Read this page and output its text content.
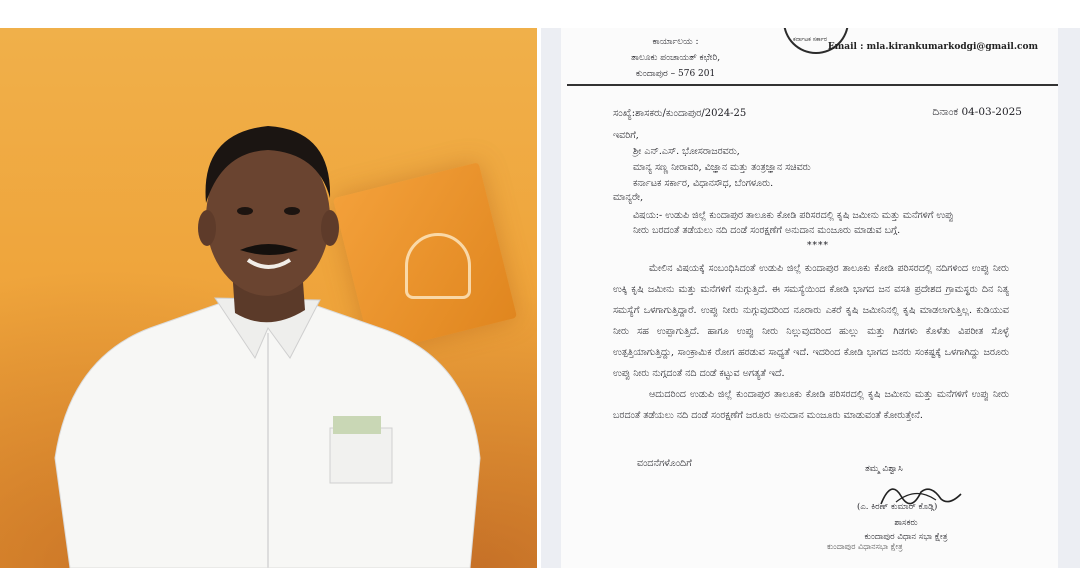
ಕಾರ್ಯಾಲಯ :
ತಾಲೂಕು ಪಂಚಾಯತ್ ಕಛೇರಿ,
ಕುಂದಾಪುರ – 576 201
ಕರ್ನಾಟಕ ಸರ್ಕಾರ
Email : mla.kirankumarkodgi@gmail.com
ಸಂಖ್ಯೆ:ಶಾಸಕರು/ಕುಂದಾಪುರ/2024-25	ದಿನಾಂಕ 04-03-2025
ಇವರಿಗೆ,
ಶ್ರೀ ಎನ್.ಎಸ್. ಭೋಸರಾಜರವರು,
ಮಾನ್ಯ ಸಣ್ಣ ನೀರಾವರಿ, ವಿಜ್ಞಾನ ಮತ್ತು ತಂತ್ರಜ್ಞಾನ ಸಚಿವರು
ಕರ್ನಾಟಕ ಸರ್ಕಾರ, ವಿಧಾನಸೌಧ, ಬೆಂಗಳೂರು.
ಮಾನ್ಯರೇ,
ವಿಷಯ:- ಉಡುಪಿ ಜಿಲ್ಲೆ ಕುಂದಾಪುರ ತಾಲೂಕು ಕೋಡಿ ಪರಿಸರದಲ್ಲಿ ಕೃಷಿ ಜಮೀನು ಮತ್ತು ಮನೆಗಳಿಗೆ ಉಪ್ಪು ನೀರು ಬರದಂತೆ ತಡೆಯಲು ನದಿ ದಂಡೆ ಸಂರಕ್ಷಣೆಗೆ ಅನುದಾನ ಮಂಜೂರು ಮಾಡುವ ಬಗ್ಗೆ.
****

ಮೇಲಿನ ವಿಷಯಕ್ಕೆ ಸಂಬಂಧಿಸಿದಂತೆ ಉಡುಪಿ ಜಿಲ್ಲೆ ಕುಂದಾಪುರ ತಾಲೂಕು ಕೋಡಿ ಪರಿಸರದಲ್ಲಿ ನದಿಗಳಿಂದ ಉಪ್ಪು ನೀರು ಉಕ್ಕಿ ಕೃಷಿ ಜಮೀನು ಮತ್ತು ಮನೆಗಳಿಗೆ ನುಗ್ಗುತ್ತಿದೆ. ಈ ಸಮಸ್ಯೆಯಿಂದ ಕೋಡಿ ಭಾಗದ ಜನ ವಸತಿ ಪ್ರದೇಶದ ಗ್ರಾಮಸ್ಥರು ದಿನ ನಿತ್ಯ ಸಮಸ್ಯೆಗೆ ಒಳಗಾಗುತ್ತಿದ್ದಾರೆ. ಉಪ್ಪು ನೀರು ನುಗ್ಗುವುದರಿಂದ ನೂರಾರು ಎಕರೆ ಕೃಷಿ ಜಮೀನಿನಲ್ಲಿ ಕೃಷಿ ಮಾಡಲಾಗುತ್ತಿಲ್ಲ. ಕುಡಿಯುವ ನೀರು ಸಹ ಉಪ್ಪಾಗುತ್ತಿದೆ. ಹಾಗೂ ಉಪ್ಪು ನೀರು ನಿಲ್ಲುವುದರಿಂದ ಹುಲ್ಲು ಮತ್ತು ಗಿಡಗಳು ಕೊಳೆತು ವಿಪರೀತ ಸೊಳ್ಳೆ ಉತ್ಪತ್ತಿಯಾಗುತ್ತಿದ್ದು, ಸಾಂಕ್ರಾಮಿಕ ರೋಗ ಹರಡುವ ಸಾಧ್ಯತೆ ಇದೆ. ಇದರಿಂದ ಕೋಡಿ ಭಾಗದ ಜನರು ಸಂಕಷ್ಟಕ್ಕೆ ಒಳಗಾಗಿದ್ದು ಜರೂರು ಉಪ್ಪು ನೀರು ನುಗ್ಗದಂತೆ ನದಿ ದಂಡೆ ಕಟ್ಟುವ ಅಗತ್ಯತೆ ಇದೆ.

ಆದುದರಿಂದ ಉಡುಪಿ ಜಿಲ್ಲೆ ಕುಂದಾಪುರ ತಾಲೂಕು ಕೋಡಿ ಪರಿಸರದಲ್ಲಿ ಕೃಷಿ ಜಮೀನು ಮತ್ತು ಮನೆಗಳಿಗೆ ಉಪ್ಪು ನೀರು ಬರದಂತೆ ತಡೆಯಲು ನದಿ ದಂಡೆ ಸಂರಕ್ಷಣೆಗೆ ಜರೂರು ಅನುದಾನ ಮಂಜೂರು ಮಾಡುವಂತೆ ಕೋರುತ್ತೇನೆ.

ವಂದನೆಗಳೊಂದಿಗೆ	ತಮ್ಮ ವಿಶ್ವಾಸಿ
(ಎ. ಕಿರಣ್ ಕುಮಾರ್ ಕೊಡ್ಗಿ)
ಶಾಸಕರು
ಕುಂದಾಪುರ ವಿಧಾನ ಸಭಾ ಕ್ಷೇತ್ರ
ಕುಂದಾಪುರ ವಿಧಾನಸಭಾ ಕ್ಷೇತ್ರ
